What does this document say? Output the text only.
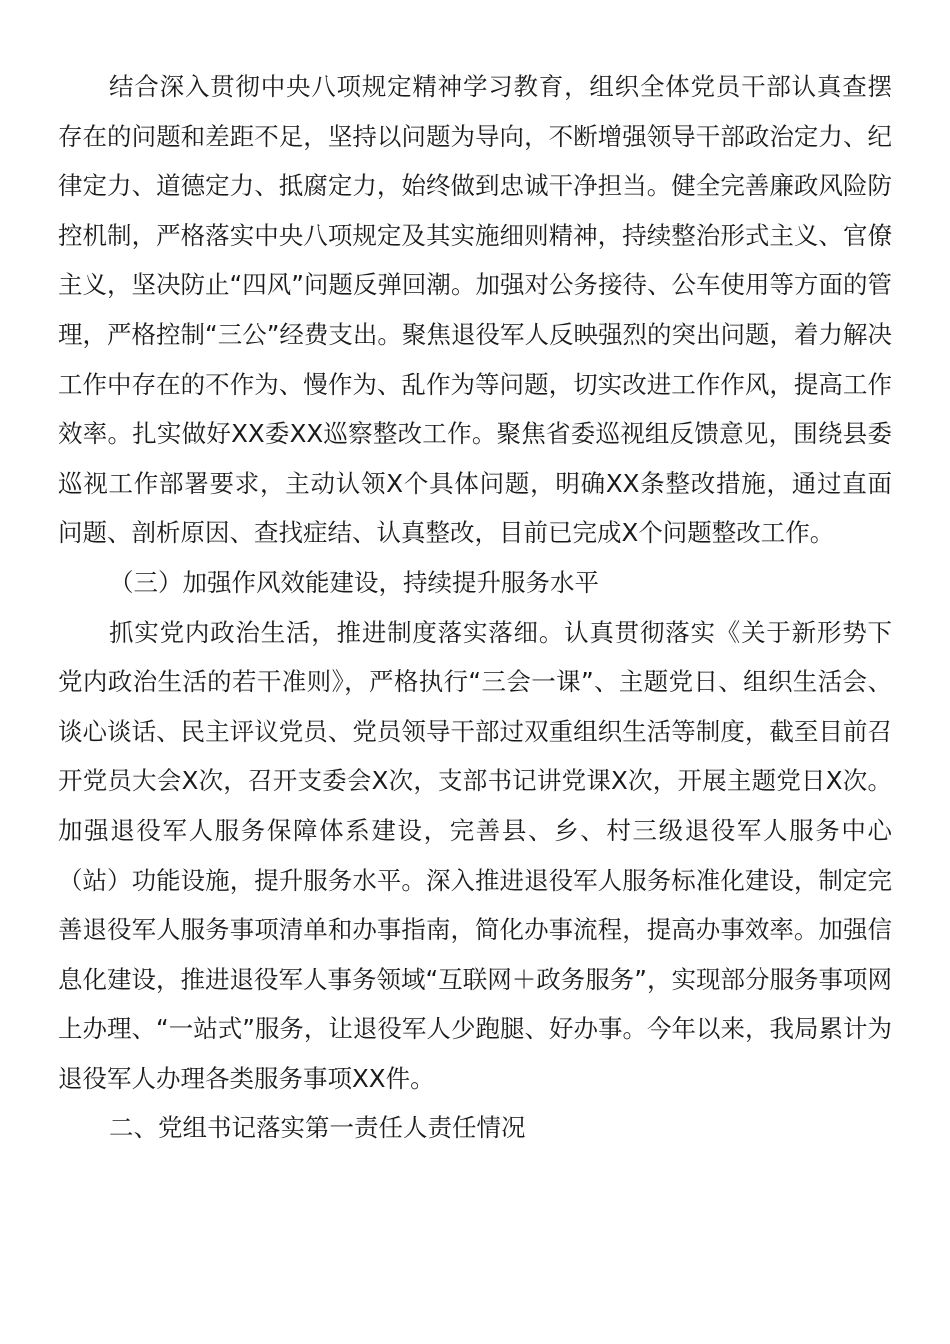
结合深入贯彻中央八项规定精神学习教育，组织全体党员干部认真查摆存在的问题和差距不足，坚持以问题为导向，不断增强领导干部政治定力、纪律定力、道德定力、抵腐定力，始终做到忠诚干净担当。健全完善廉政风险防控机制，严格落实中央八项规定及其实施细则精神，持续整治形式主义、官僚主义，坚决防止“四风”问题反弹回潮。加强对公务接待、公车使用等方面的管理，严格控制“三公”经费支出。聚焦退役军人反映强烈的突出问题，着力解决工作中存在的不作为、慢作为、乱作为等问题，切实改进工作作风，提高工作效率。扎实做好XX委XX巡察整改工作。聚焦省委巡视组反馈意见，围绕县委巡视工作部署要求，主动认领X个具体问题，明确XX条整改措施，通过直面问题、剖析原因、查找症结、认真整改，目前已完成X个问题整改工作。

（三）加强作风效能建设，持续提升服务水平

抓实党内政治生活，推进制度落实落细。认真贯彻落实《关于新形势下党内政治生活的若干准则》，严格执行“三会一课”、主题党日、组织生活会、谈心谈话、民主评议党员、党员领导干部过双重组织生活等制度，截至目前召开党员大会X次，召开支委会X次，支部书记讲党课X次，开展主题党日X次。加强退役军人服务保障体系建设，完善县、乡、村三级退役军人服务中心（站）功能设施，提升服务水平。深入推进退役军人服务标准化建设，制定完善退役军人服务事项清单和办事指南，简化办事流程，提高办事效率。加强信息化建设，推进退役军人事务领域“互联网＋政务服务”，实现部分服务事项网上办理、“一站式”服务，让退役军人少跑腿、好办事。今年以来，我局累计为退役军人办理各类服务事项XX件。

二、党组书记落实第一责任人责任情况
